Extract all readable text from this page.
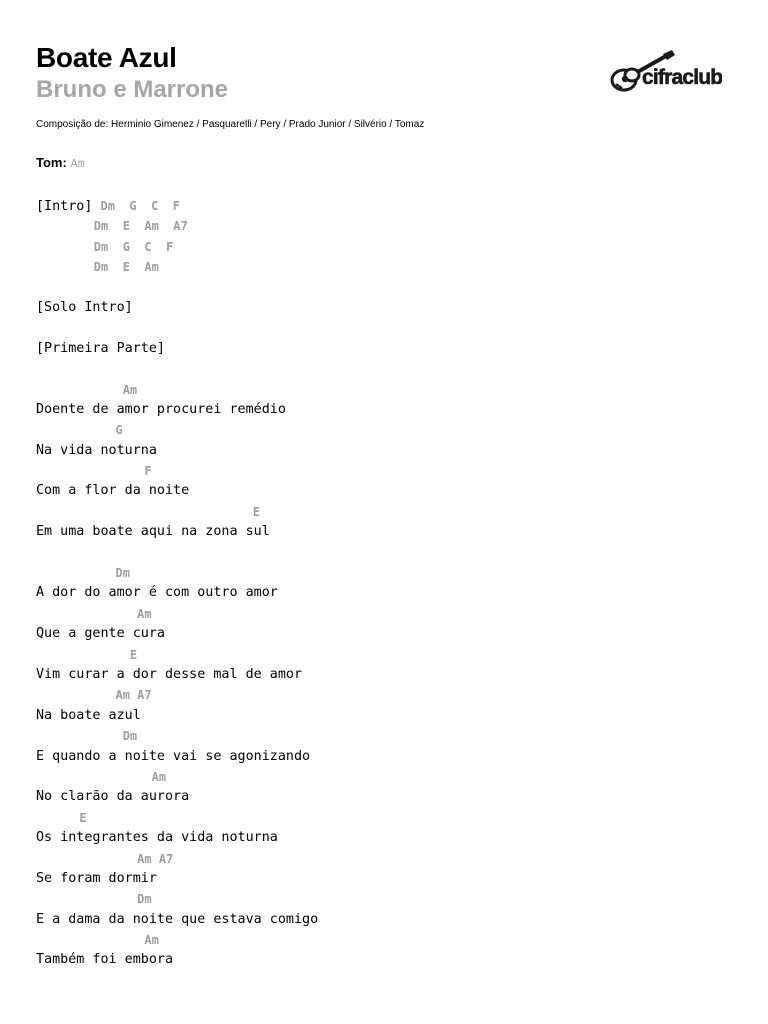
Boate Azul
Bruno e Marrone
Composição de: Herminio Gimenez / Pasquarelli / Pery / Prado Junior / Silvério / Tomaz
cifraclub
Tom: Am
[Intro] Dm  G  C  F
Dm  E  Am  A7
Dm  G  C  F
Dm  E  Am
[Solo Intro]
[Primeira Parte]
Am
Doente de amor procurei remédio
G
Na vida noturna
F
Com a flor da noite
E
Em uma boate aqui na zona sul
Dm
A dor do amor é com outro amor
Am
Que a gente cura
E
Vim curar a dor desse mal de amor
Am A7
Na boate azul
Dm
E quando a noite vai se agonizando
Am
No clarão da aurora
E
Os integrantes da vida noturna
Am A7
Se foram dormir
Dm
E a dama da noite que estava comigo
Am
Também foi embora
